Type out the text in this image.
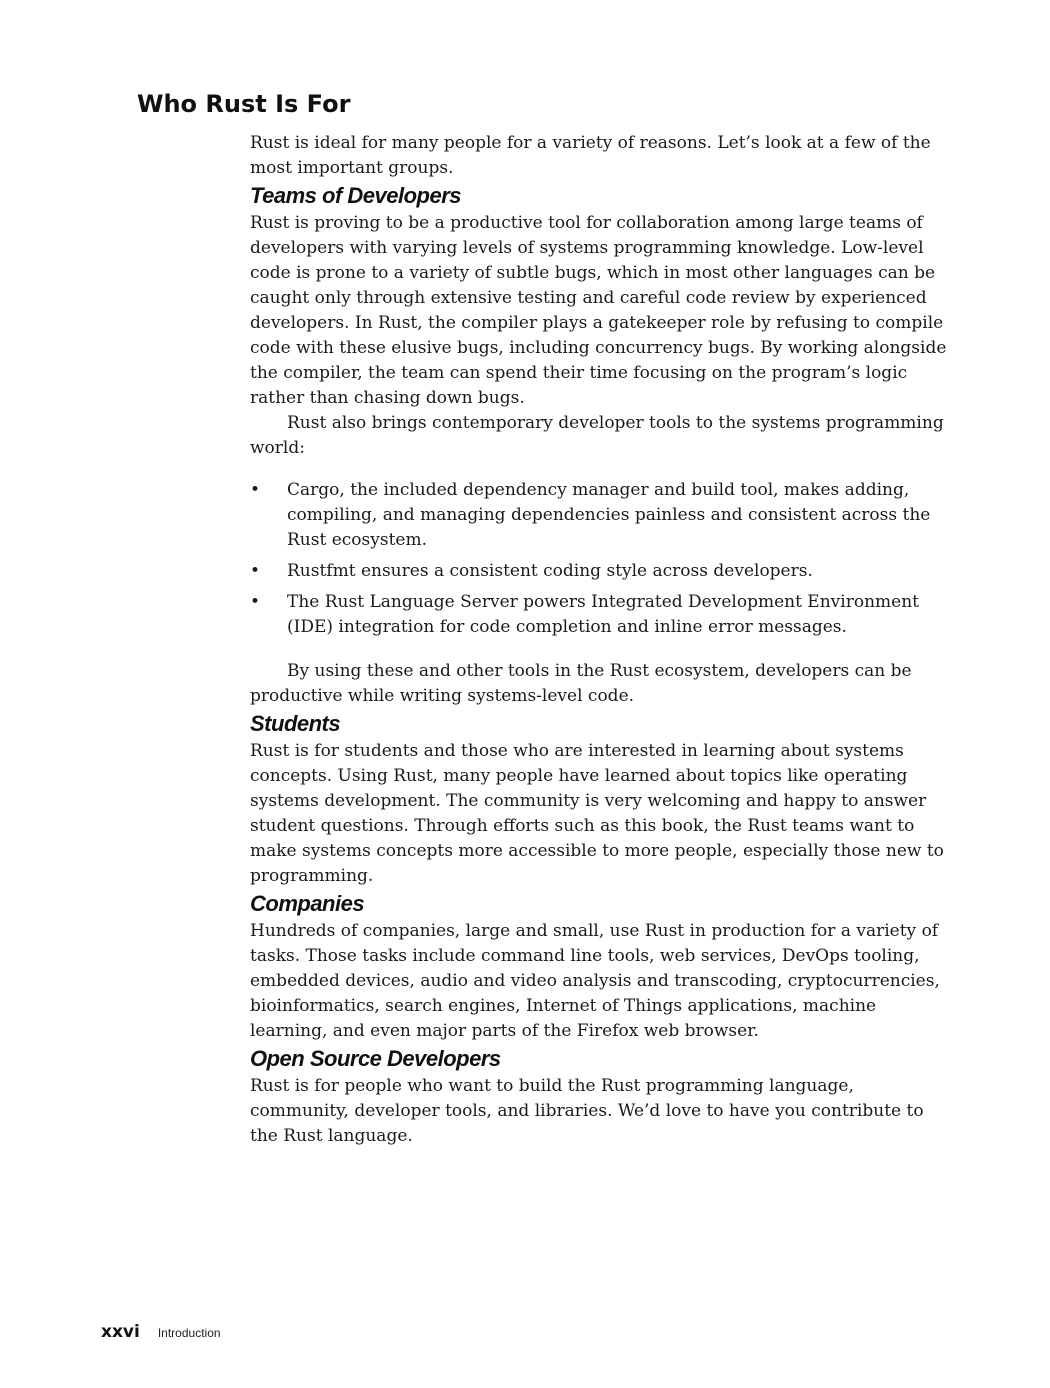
Who Rust Is For

Rust is ideal for many people for a variety of reasons. Let’s look at a few of the most important groups.

Teams of Developers

Rust is proving to be a productive tool for collaboration among large teams of developers with varying levels of systems programming knowledge. Low-level code is prone to a variety of subtle bugs, which in most other languages can be caught only through extensive testing and careful code review by experienced developers. In Rust, the compiler plays a gatekeeper role by refusing to compile code with these elusive bugs, including concurrency bugs. By working alongside the compiler, the team can spend their time focusing on the program’s logic rather than chasing down bugs.

Rust also brings contemporary developer tools to the systems programming world:

• Cargo, the included dependency manager and build tool, makes adding, compiling, and managing dependencies painless and consistent across the Rust ecosystem.
• Rustfmt ensures a consistent coding style across developers.
• The Rust Language Server powers Integrated Development Environment (IDE) integration for code completion and inline error messages.

By using these and other tools in the Rust ecosystem, developers can be productive while writing systems-level code.

Students

Rust is for students and those who are interested in learning about systems concepts. Using Rust, many people have learned about topics like operating systems development. The community is very welcoming and happy to answer student questions. Through efforts such as this book, the Rust teams want to make systems concepts more accessible to more people, especially those new to programming.

Companies

Hundreds of companies, large and small, use Rust in production for a variety of tasks. Those tasks include command line tools, web services, DevOps tooling, embedded devices, audio and video analysis and transcoding, cryptocurrencies, bioinformatics, search engines, Internet of Things applications, machine learning, and even major parts of the Firefox web browser.

Open Source Developers

Rust is for people who want to build the Rust programming language, community, developer tools, and libraries. We’d love to have you contribute to the Rust language.

xxvi Introduction
